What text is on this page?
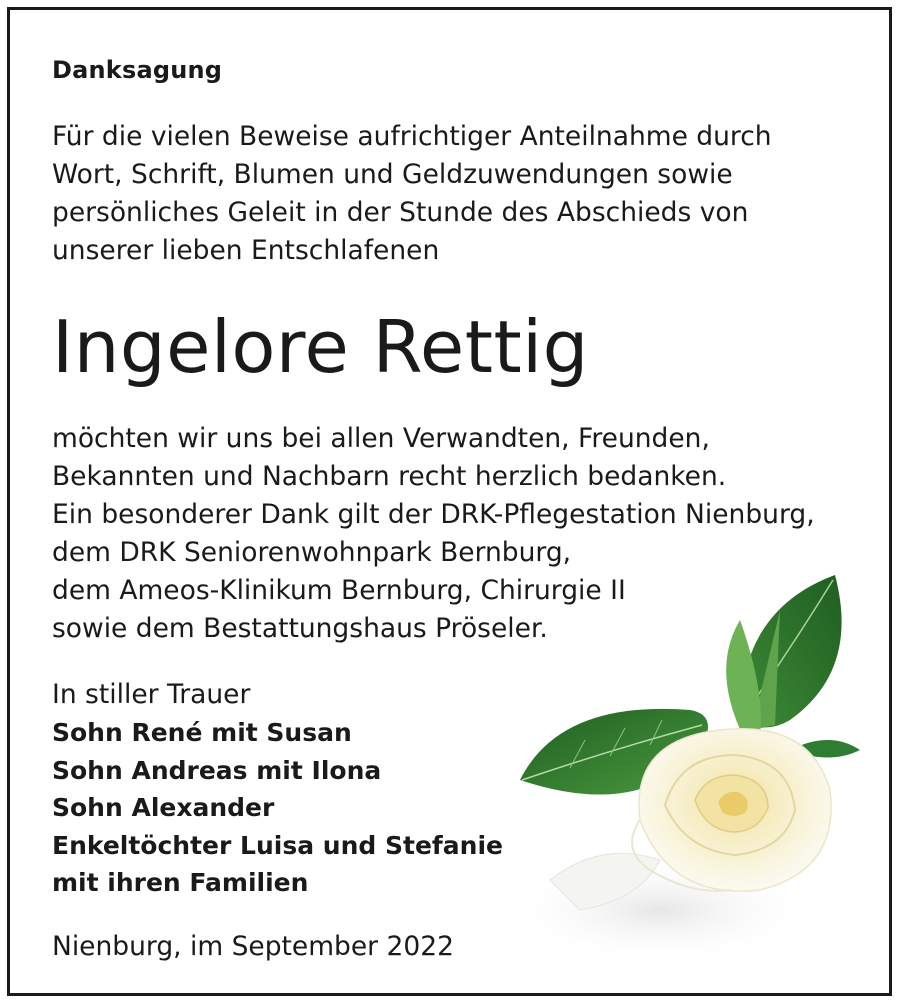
Danksagung
Für die vielen Beweise aufrichtiger Anteilnahme durch
Wort, Schrift, Blumen und Geldzuwendungen sowie
persönliches Geleit in der Stunde des Abschieds von
unserer lieben Entschlafenen
Ingelore Rettig
möchten wir uns bei allen Verwandten, Freunden,
Bekannten und Nachbarn recht herzlich bedanken.
Ein besonderer Dank gilt der DRK-Pflegestation Nienburg,
dem DRK Seniorenwohnpark Bernburg,
dem Ameos-Klinikum Bernburg, Chirurgie II
sowie dem Bestattungshaus Pröseler.
In stiller Trauer
Sohn René mit Susan
Sohn Andreas mit Ilona
Sohn Alexander
Enkeltöchter Luisa und Stefanie
mit ihren Familien
Nienburg, im September 2022
